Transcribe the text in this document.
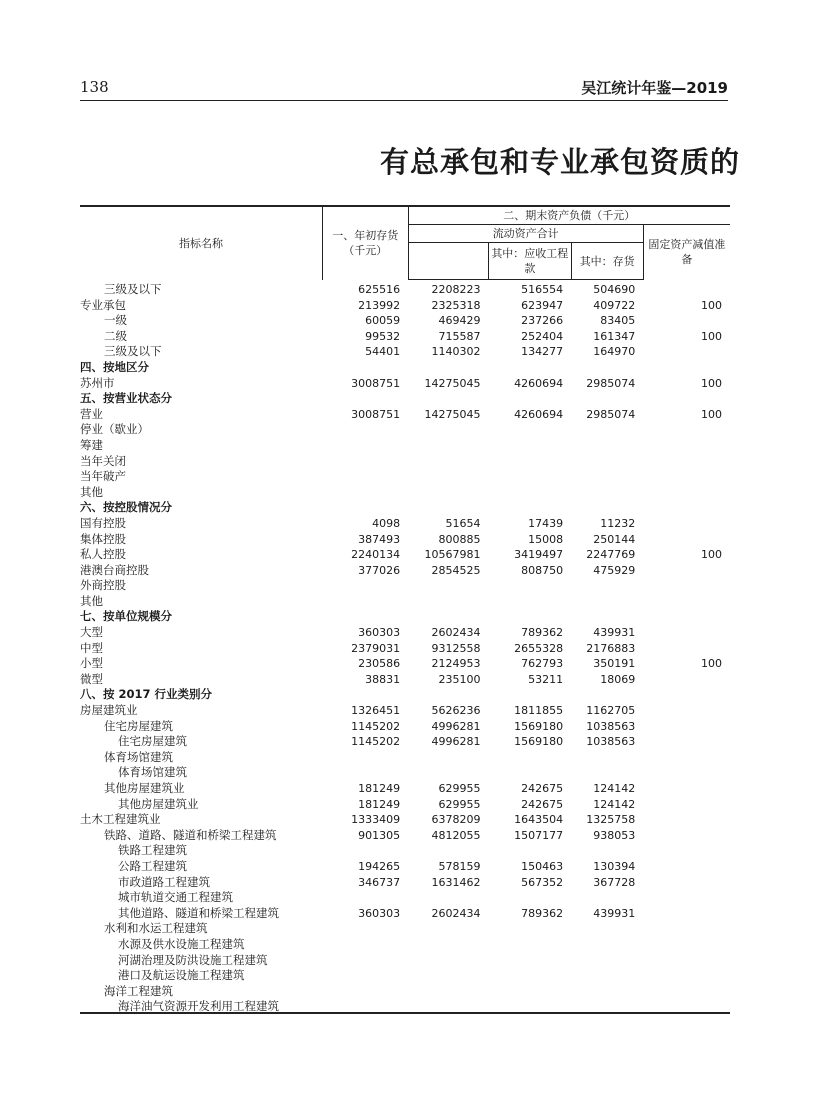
138	吴江统计年鉴—2019
有总承包和专业承包资质的
指标名称	一、年初存货（千元）	二、期末资产负债（千元）			
		流动资产合计			固定资产减值准备
			其中：应收工程款	其中：存货	
三级及以下	625516	2208223	516554	504690	
专业承包	213992	2325318	623947	409722	100
一级	60059	469429	237266	83405	
二级	99532	715587	252404	161347	100
三级及以下	54401	1140302	134277	164970	
四、按地区分					
苏州市	3008751	14275045	4260694	2985074	100
五、按营业状态分					
营业	3008751	14275045	4260694	2985074	100
停业（歇业）					
筹建					
当年关闭					
当年破产					
其他					
六、按控股情况分					
国有控股	4098	51654	17439	11232	
集体控股	387493	800885	15008	250144	
私人控股	2240134	10567981	3419497	2247769	100
港澳台商控股	377026	2854525	808750	475929	
外商控股					
其他					
七、按单位规模分					
大型	360303	2602434	789362	439931	
中型	2379031	9312558	2655328	2176883	
小型	230586	2124953	762793	350191	100
微型	38831	235100	53211	18069	
八、按 2017 行业类别分					
房屋建筑业	1326451	5626236	1811855	1162705	
住宅房屋建筑	1145202	4996281	1569180	1038563	
住宅房屋建筑	1145202	4996281	1569180	1038563	
体育场馆建筑					
体育场馆建筑					
其他房屋建筑业	181249	629955	242675	124142	
其他房屋建筑业	181249	629955	242675	124142	
土木工程建筑业	1333409	6378209	1643504	1325758	
铁路、道路、隧道和桥梁工程建筑	901305	4812055	1507177	938053	
铁路工程建筑					
公路工程建筑	194265	578159	150463	130394	
市政道路工程建筑	346737	1631462	567352	367728	
城市轨道交通工程建筑					
其他道路、隧道和桥梁工程建筑	360303	2602434	789362	439931	
水利和水运工程建筑					
水源及供水设施工程建筑					
河湖治理及防洪设施工程建筑					
港口及航运设施工程建筑					
海洋工程建筑					
海洋油气资源开发利用工程建筑					
